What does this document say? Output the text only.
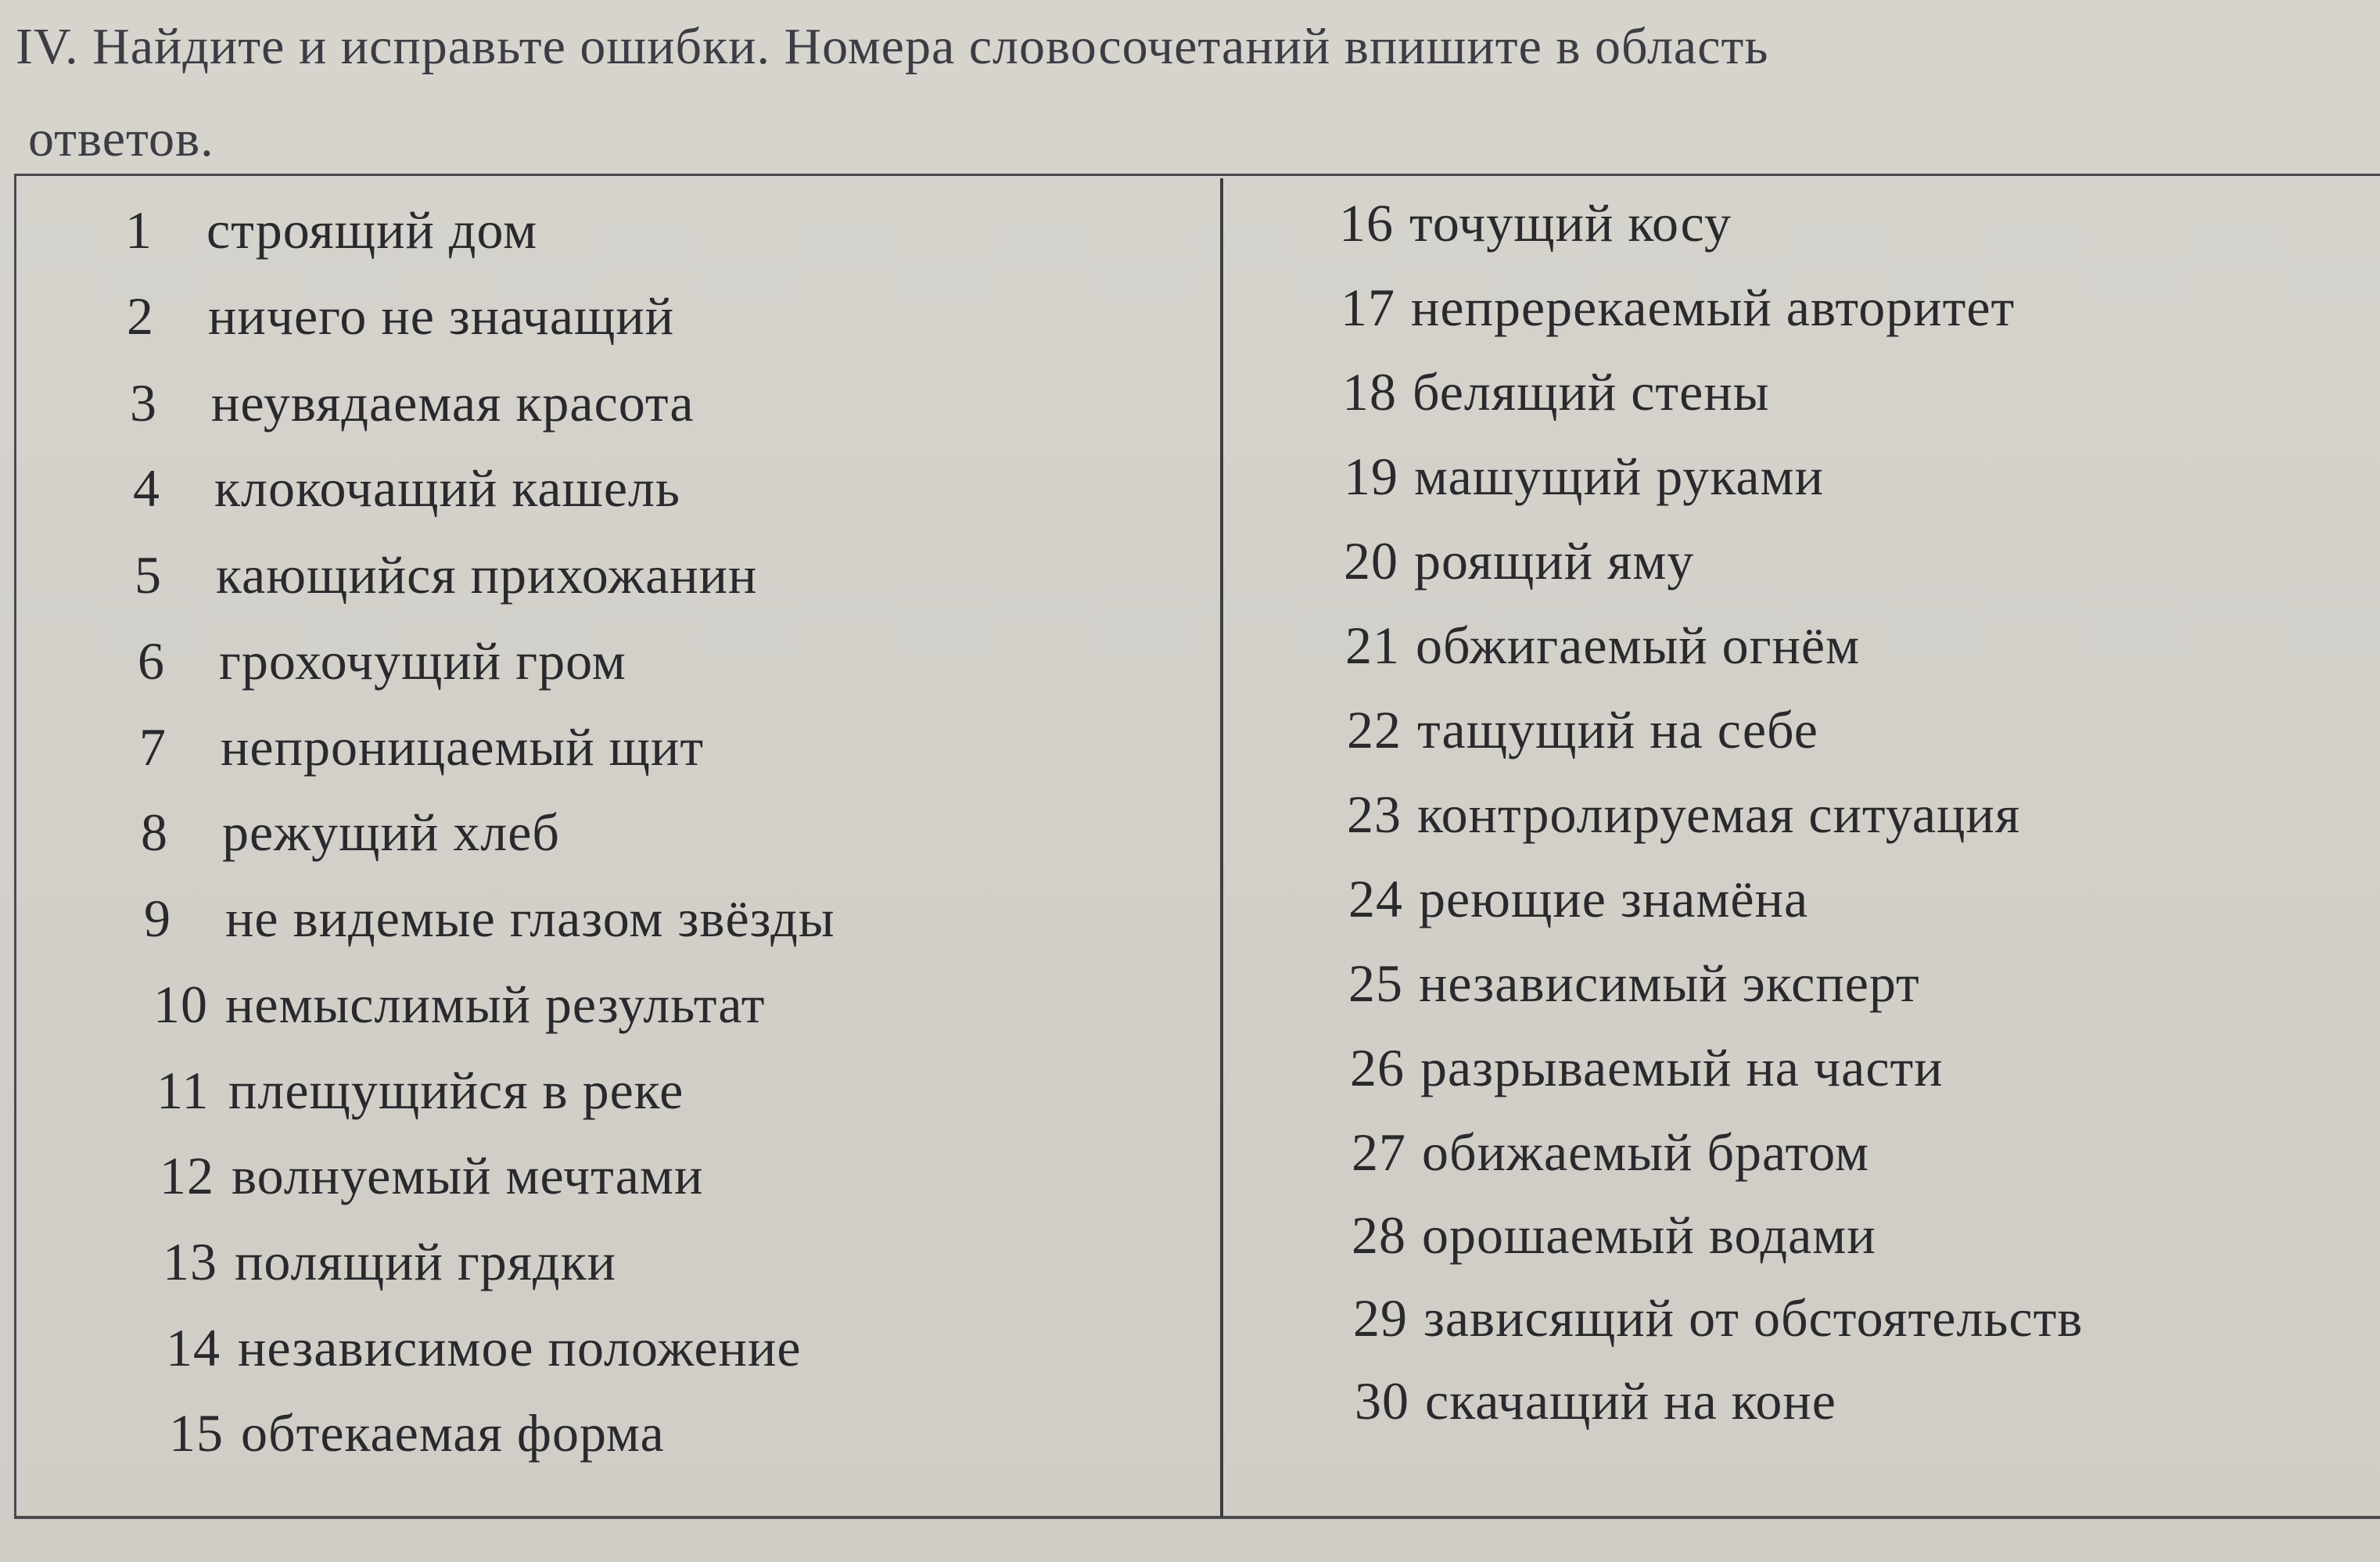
IV. Найдите и исправьте ошибки. Номера словосочетаний впишите в область
ответов.
1	строящий дом
2	ничего не значащий
3	неувядаемая красота
4	клокочащий кашель
5	кающийся прихожанин
6	грохочущий гром
7	непроницаемый щит
8	режущий хлеб
9	не видемые глазом звёзды
10 немыслимый результат
11 плещущийся в реке
12 волнуемый мечтами
13 полящий грядки
14 независимое положение
15 обтекаемая форма
16 точущий косу
17 непререкаемый авторитет
18 белящий стены
19 машущий руками
20 роящий яму
21 обжигаемый огнём
22 тащущий на себе
23 контролируемая ситуация
24 реющие знамёна
25 независимый эксперт
26 разрываемый на части
27 обижаемый братом
28 орошаемый водами
29 зависящий от обстоятельств
30 скачащий на коне
